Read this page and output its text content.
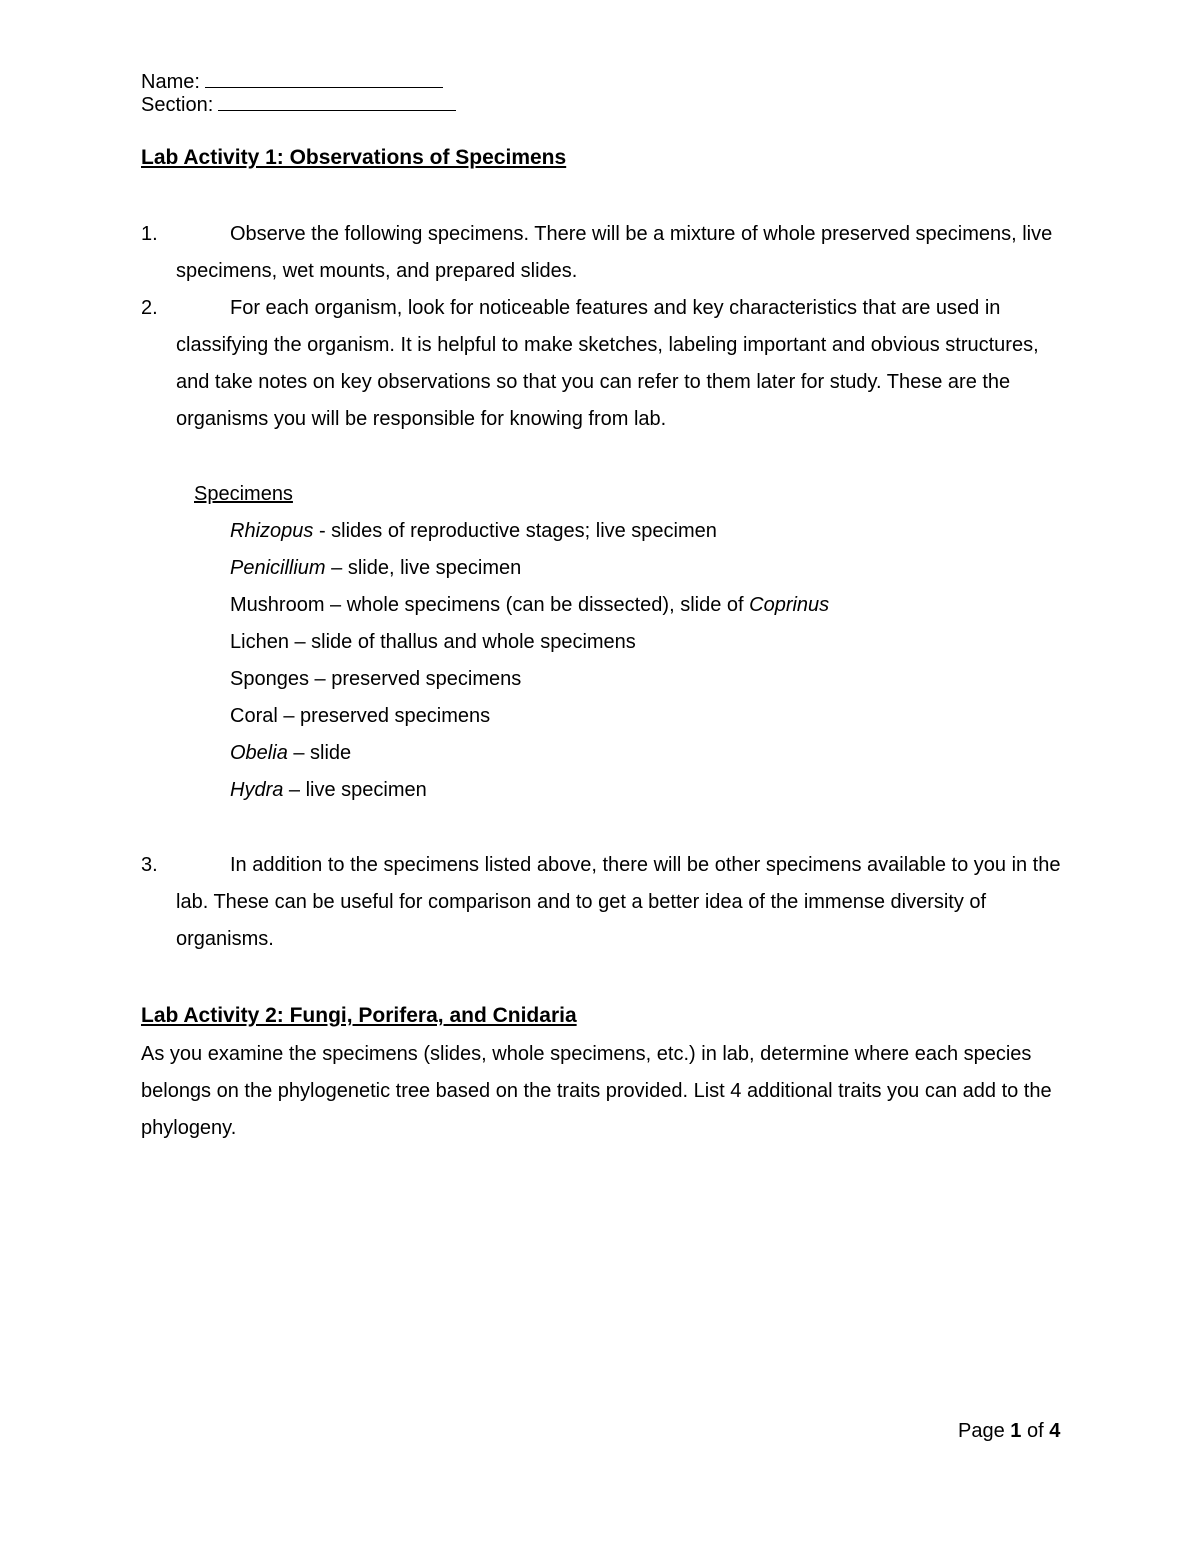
Name:
Section:
Lab Activity 1: Observations of Specimens
1.	Observe the following specimens. There will be a mixture of whole preserved specimens, live specimens, wet mounts, and prepared slides.
2.	For each organism, look for noticeable features and key characteristics that are used in classifying the organism. It is helpful to make sketches, labeling important and obvious structures, and take notes on key observations so that you can refer to them later for study. These are the organisms you will be responsible for knowing from lab.
Specimens
Rhizopus - slides of reproductive stages; live specimen
Penicillium – slide, live specimen
Mushroom – whole specimens (can be dissected), slide of Coprinus
Lichen – slide of thallus and whole specimens
Sponges – preserved specimens
Coral – preserved specimens
Obelia – slide
Hydra – live specimen
3.	In addition to the specimens listed above, there will be other specimens available to you in the lab. These can be useful for comparison and to get a better idea of the immense diversity of organisms.
Lab Activity 2: Fungi, Porifera, and Cnidaria
As you examine the specimens (slides, whole specimens, etc.) in lab, determine where each species belongs on the phylogenetic tree based on the traits provided. List 4 additional traits you can add to the phylogeny.
Page 1 of 4
